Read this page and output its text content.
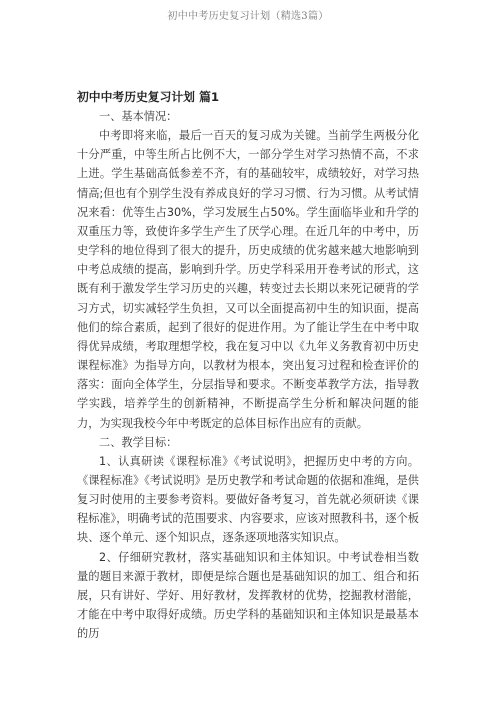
初中中考历史复习计划（精选3篇）
初中中考历史复习计划 篇1

一、基本情况：

中考即将来临，最后一百天的复习成为关键。当前学生两极分化十分严重，中等生所占比例不大，一部分学生对学习热情不高，不求上进。学生基础高低参差不齐，有的基础较牢，成绩较好，对学习热情高;但也有个别学生没有养成良好的学习习惯、行为习惯。从考试情况来看：优等生占30%，学习发展生占50%。学生面临毕业和升学的双重压力等，致使许多学生产生了厌学心理。在近几年的中考中，历史学科的地位得到了很大的提升，历史成绩的优劣越来越大地影响到中考总成绩的提高，影响到升学。历史学科采用开卷考试的形式，这既有利于激发学生学习历史的兴趣，转变过去长期以来死记硬背的学习方式，切实减轻学生负担，又可以全面提高初中生的知识面，提高他们的综合素质，起到了很好的促进作用。为了能让学生在中考中取得优异成绩，考取理想学校，我在复习中以《九年义务教育初中历史课程标准》为指导方向，以教材为根本，突出复习过程和检查评价的落实：面向全体学生，分层指导和要求。不断变革教学方法，指导教学实践，培养学生的创新精神，不断提高学生分析和解决问题的能力，为实现我校今年中考既定的总体目标作出应有的贡献。

二、教学目标：

1、认真研读《课程标准》《考试说明》，把握历史中考的方向。《课程标准》《考试说明》是历史教学和考试命题的依据和准绳，是供复习时使用的主要参考资料。要做好备考复习，首先就必须研读《课程标准》，明确考试的范围要求、内容要求，应该对照教科书，逐个板块、逐个单元、逐个知识点，逐条逐项地落实知识点。

2、仔细研究教材，落实基础知识和主体知识。中考试卷相当数量的题目来源于教材，即便是综合题也是基础知识的加工、组合和拓展，只有讲好、学好、用好教材，发挥教材的优势，挖掘教材潜能，才能在中考中取得好成绩。历史学科的基础知识和主体知识是最基本的历
